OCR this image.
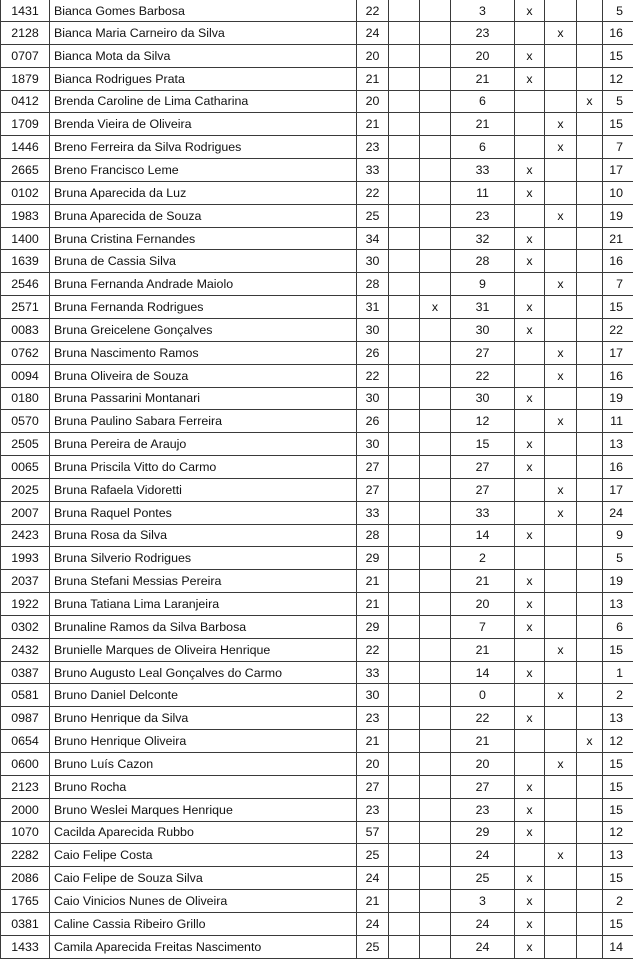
1431	Bianca Gomes Barbosa	22			3	x			5
2128	Bianca Maria Carneiro da Silva	24			23		x		16
0707	Bianca Mota da Silva	20			20	x			15
1879	Bianca Rodrigues Prata	21			21	x			12
0412	Brenda Caroline de Lima Catharina	20			6			x	5
1709	Brenda Vieira de Oliveira	21			21		x		15
1446	Breno Ferreira da Silva Rodrigues	23			6		x		7
2665	Breno Francisco Leme	33			33	x			17
0102	Bruna Aparecida da Luz	22			11	x			10
1983	Bruna Aparecida de Souza	25			23		x		19
1400	Bruna Cristina Fernandes	34			32	x			21
1639	Bruna de Cassia Silva	30			28	x			16
2546	Bruna Fernanda Andrade Maiolo	28			9		x		7
2571	Bruna Fernanda Rodrigues	31		x	31	x			15
0083	Bruna Greicelene Gonçalves	30			30	x			22
0762	Bruna Nascimento Ramos	26			27		x		17
0094	Bruna Oliveira de Souza	22			22		x		16
0180	Bruna Passarini Montanari	30			30	x			19
0570	Bruna Paulino Sabara Ferreira	26			12		x		11
2505	Bruna Pereira de Araujo	30			15	x			13
0065	Bruna Priscila Vitto do Carmo	27			27	x			16
2025	Bruna Rafaela Vidoretti	27			27		x		17
2007	Bruna Raquel Pontes	33			33		x		24
2423	Bruna Rosa da Silva	28			14	x			9
1993	Bruna Silverio Rodrigues	29			2				5
2037	Bruna Stefani Messias Pereira	21			21	x			19
1922	Bruna Tatiana Lima Laranjeira	21			20	x			13
0302	Brunaline Ramos da Silva Barbosa	29			7	x			6
2432	Brunielle Marques de Oliveira Henrique	22			21		x		15
0387	Bruno Augusto Leal Gonçalves do Carmo	33			14	x			1
0581	Bruno Daniel Delconte	30			0		x		2
0987	Bruno Henrique da Silva	23			22	x			13
0654	Bruno Henrique Oliveira	21			21			x	12
0600	Bruno Luís Cazon	20			20		x		15
2123	Bruno Rocha	27			27	x			15
2000	Bruno Weslei Marques Henrique	23			23	x			15
1070	Cacilda Aparecida Rubbo	57			29	x			12
2282	Caio Felipe Costa	25			24		x		13
2086	Caio Felipe de Souza Silva	24			25	x			15
1765	Caio Vinicios Nunes de Oliveira	21			3	x			2
0381	Caline Cassia Ribeiro Grillo	24			24	x			15
1433	Camila Aparecida Freitas Nascimento	25			24	x			14
